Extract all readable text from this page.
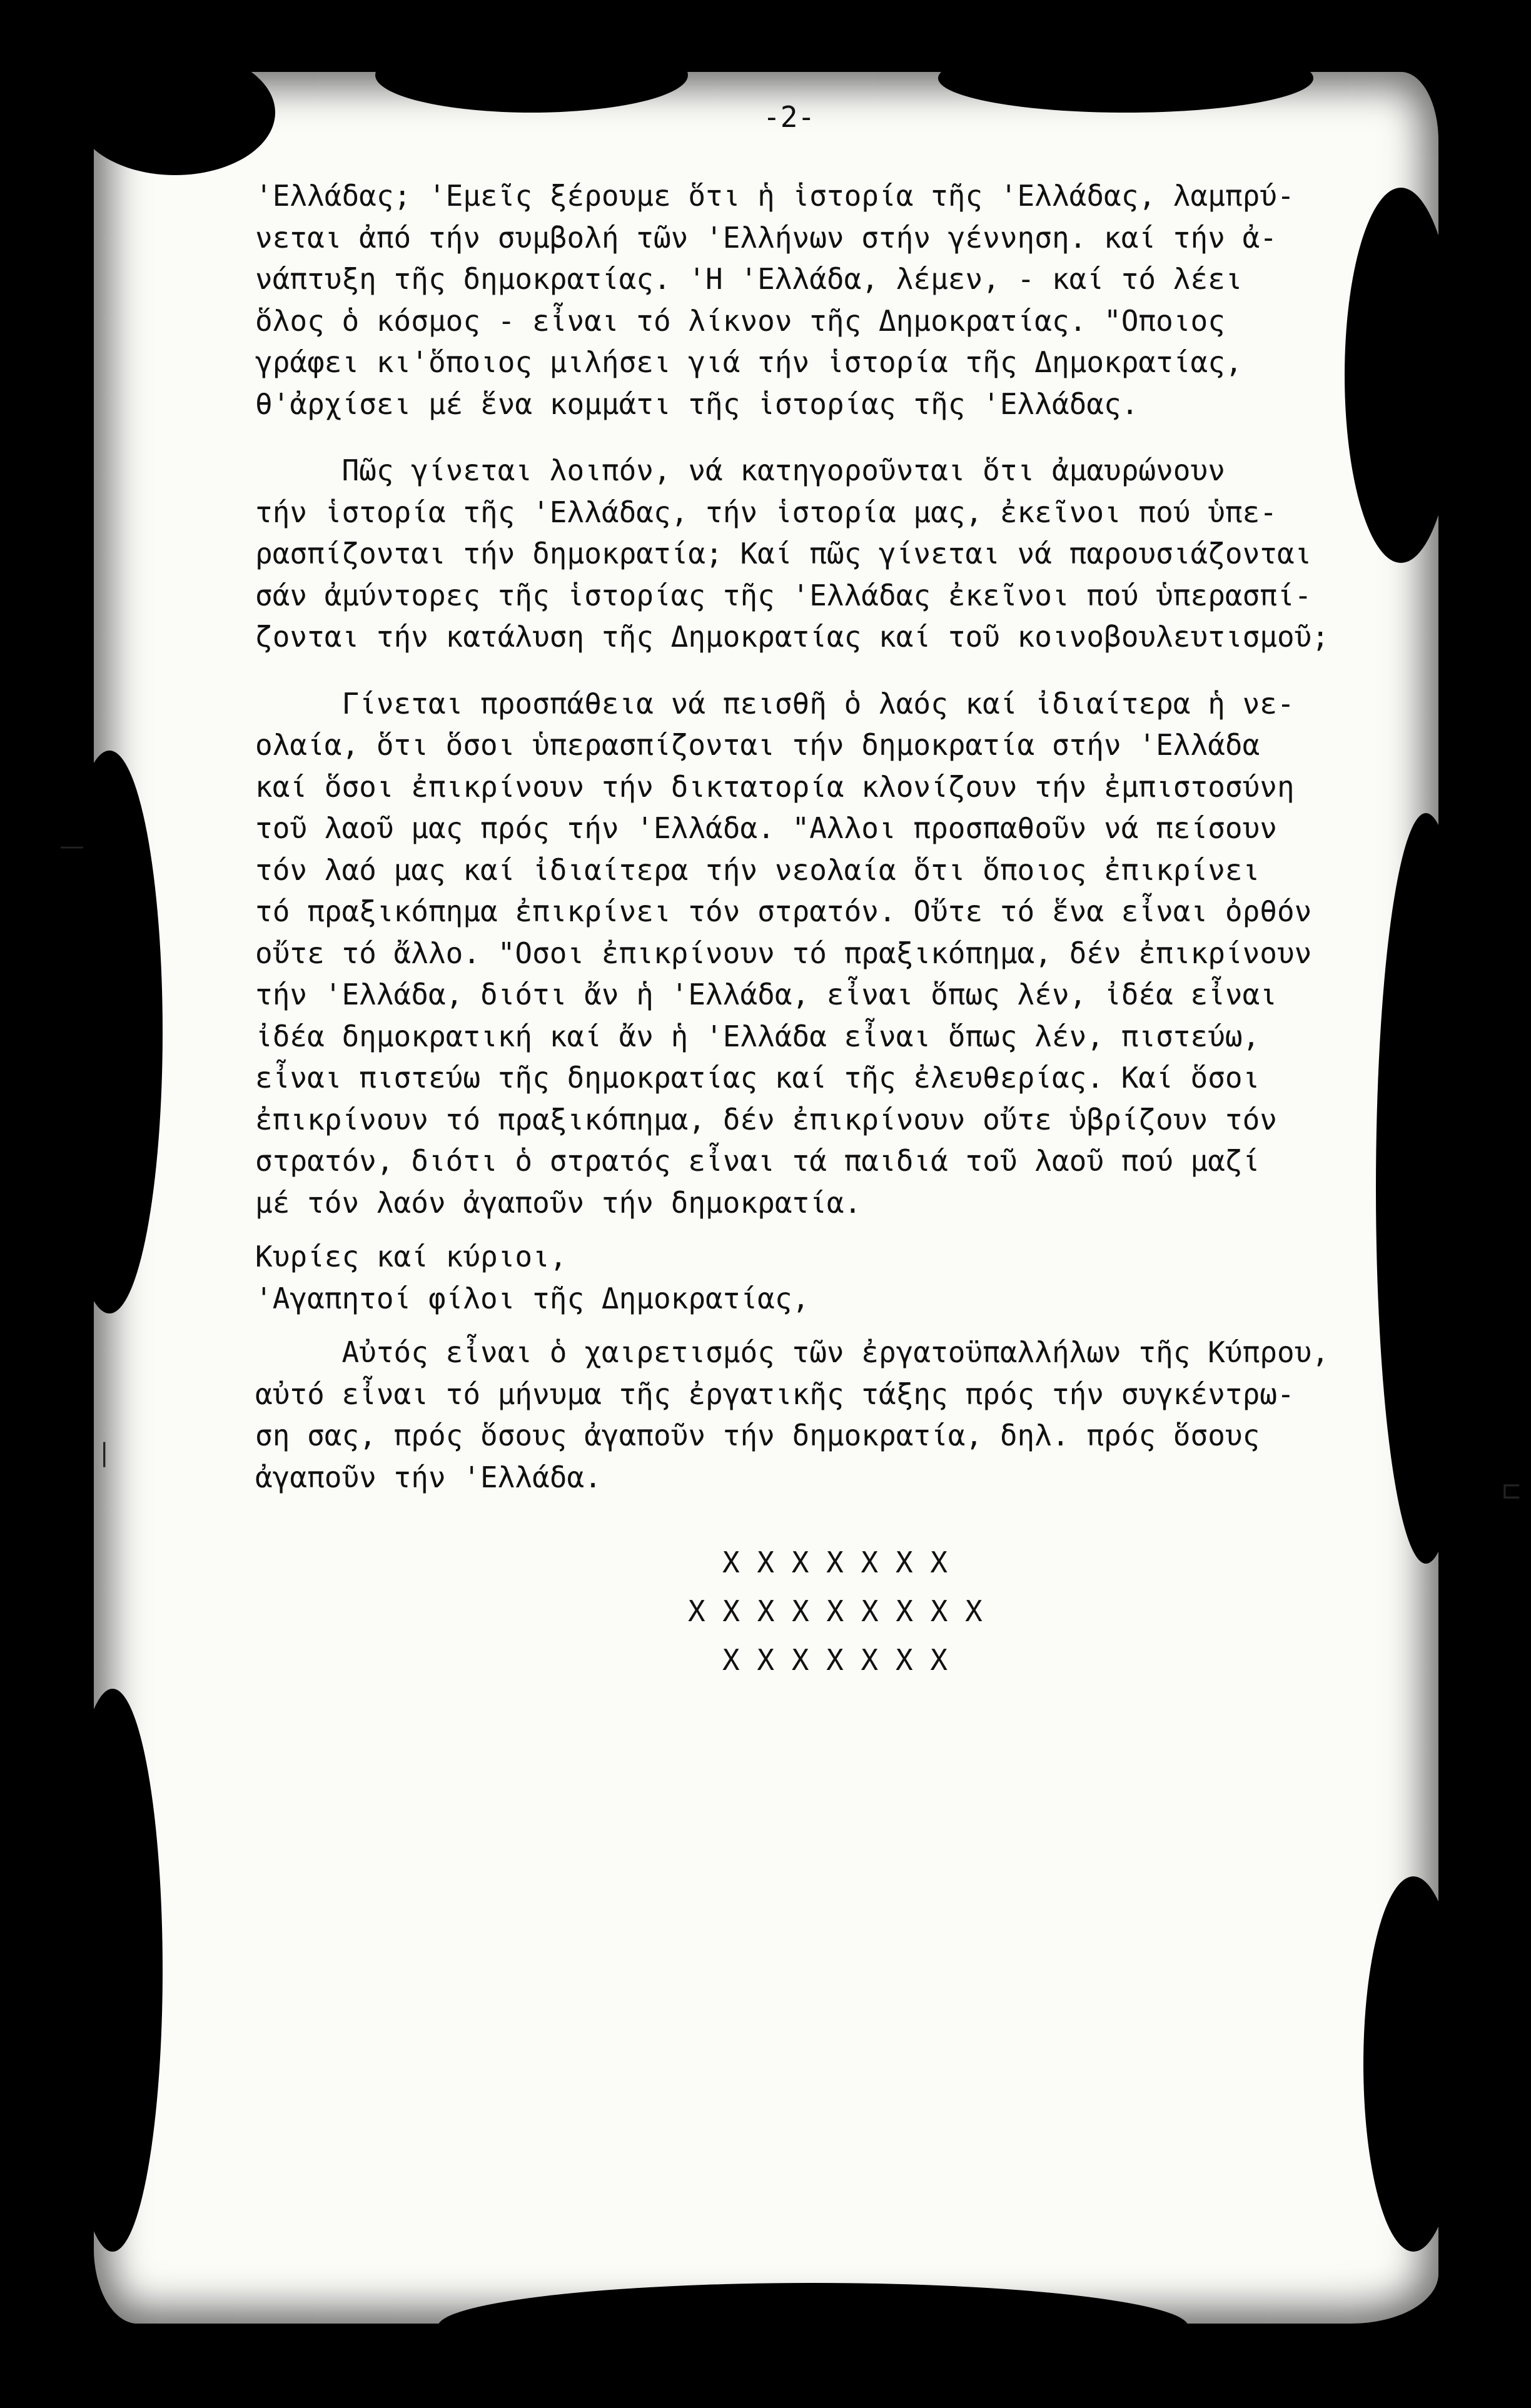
—
|
⊏
-2-
'Ελλάδας; 'Εμεῖς ξέρουμε ὅτι ἡ ἱστορία τῆς 'Ελλάδας, λαμπρύ-
νεται ἀπό τήν συμβολή τῶν 'Ελλήνων στήν γέννηση. καί τήν ἀ-
νάπτυξη τῆς δημοκρατίας. 'Η 'Ελλάδα, λέμεν, - καί τό λέει
ὅλος ὁ κόσμος - εἶναι τό λίκνον τῆς Δημοκρατίας. "Οποιος
γράφει κι'ὅποιος μιλήσει γιά τήν ἱστορία τῆς Δημοκρατίας,
θ'ἀρχίσει μέ ἕνα κομμάτι τῆς ἱστορίας τῆς 'Ελλάδας.
Πῶς γίνεται λοιπόν, νά κατηγοροῦνται ὅτι ἀμαυρώνουν
τήν ἱστορία τῆς 'Ελλάδας, τήν ἱστορία μας, ἐκεῖνοι πού ὑπε-
ρασπίζονται τήν δημοκρατία; Καί πῶς γίνεται νά παρουσιάζονται
σάν ἀμύντορες τῆς ἱστορίας τῆς 'Ελλάδας ἐκεῖνοι πού ὑπερασπί-
ζονται τήν κατάλυση τῆς Δημοκρατίας καί τοῦ κοινοβουλευτισμοῦ;
Γίνεται προσπάθεια νά πεισθῆ ὁ λαός καί ἰδιαίτερα ἡ νε-
ολαία, ὅτι ὅσοι ὑπερασπίζονται τήν δημοκρατία στήν 'Ελλάδα
καί ὅσοι ἐπικρίνουν τήν δικτατορία κλονίζουν τήν ἐμπιστοσύνη
τοῦ λαοῦ μας πρός τήν 'Ελλάδα. "Αλλοι προσπαθοῦν νά πείσουν
τόν λαό μας καί ἰδιαίτερα τήν νεολαία ὅτι ὅποιος ἐπικρίνει
τό πραξικόπημα ἐπικρίνει τόν στρατόν. Οὔτε τό ἕνα εἶναι ὀρθόν
οὔτε τό ἄλλο. "Οσοι ἐπικρίνουν τό πραξικόπημα, δέν ἐπικρίνουν
τήν 'Ελλάδα, διότι ἄν ἡ 'Ελλάδα, εἶναι ὅπως λέν, ἰδέα εἶναι
ἰδέα δημοκρατική καί ἄν ἡ 'Ελλάδα εἶναι ὅπως λέν, πιστεύω,
εἶναι πιστεύω τῆς δημοκρατίας καί τῆς ἐλευθερίας. Καί ὅσοι
ἐπικρίνουν τό πραξικόπημα, δέν ἐπικρίνουν οὔτε ὑβρίζουν τόν
στρατόν, διότι ὁ στρατός εἶναι τά παιδιά τοῦ λαοῦ πού μαζί
μέ τόν λαόν ἀγαποῦν τήν δημοκρατία.
Κυρίες καί κύριοι,
'Αγαπητοί φίλοι τῆς Δημοκρατίας,
Αὐτός εἶναι ὁ χαιρετισμός τῶν ἐργατοϋπαλλήλων τῆς Κύπρου,
αὐτό εἶναι τό μήνυμα τῆς ἐργατικῆς τάξης πρός τήν συγκέντρω-
ση σας, πρός ὅσους ἀγαποῦν τήν δημοκρατία, δηλ. πρός ὅσους
ἀγαποῦν τήν 'Ελλάδα.
X X X X X X X
X X X X X X X X X
X X X X X X X
